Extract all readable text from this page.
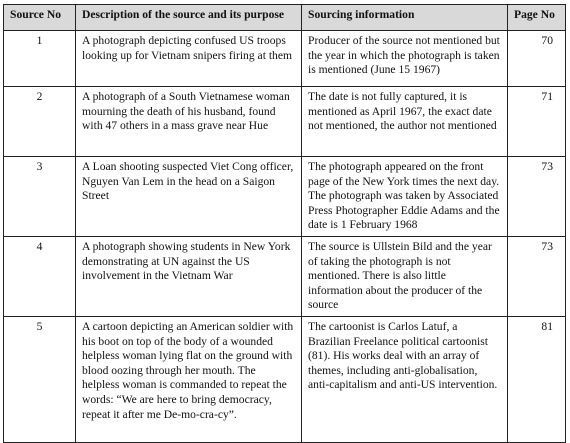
Source No	Description of the source and its purpose	Sourcing information	Page No
1	A photograph depicting confused US troops looking up for Vietnam snipers firing at them	Producer of the source not mentioned but the year in which the photograph is taken is mentioned (June 15 1967)	70
2	A photograph of a South Vietnamese woman mourning the death of his husband, found with 47 others in a mass grave near Hue	The date is not fully captured, it is mentioned as April 1967, the exact date not mentioned, the author not mentioned	71
3	A Loan shooting suspected Viet Cong officer, Nguyen Van Lem in the head on a Saigon Street	The photograph appeared on the front page of the New York times the next day. The photograph was taken by Associated Press Photographer Eddie Adams and the date is 1 February 1968	73
4	A photograph showing students in New York demonstrating at UN against the US involvement in the Vietnam War	The source is Ullstein Bild and the year of taking the photograph is not mentioned. There is also little information about the producer of the source	73
5	A cartoon depicting an American soldier with his boot on top of the body of a wounded helpless woman lying flat on the ground with blood oozing through her mouth. The helpless woman is commanded to repeat the words: “We are here to bring democracy, repeat it after me De-mo-cra-cy”.	The cartoonist is Carlos Latuf, a Brazilian Freelance political cartoonist (81). His works deal with an array of themes, including anti-globalisation, anti-capitalism and anti-US intervention.	81
